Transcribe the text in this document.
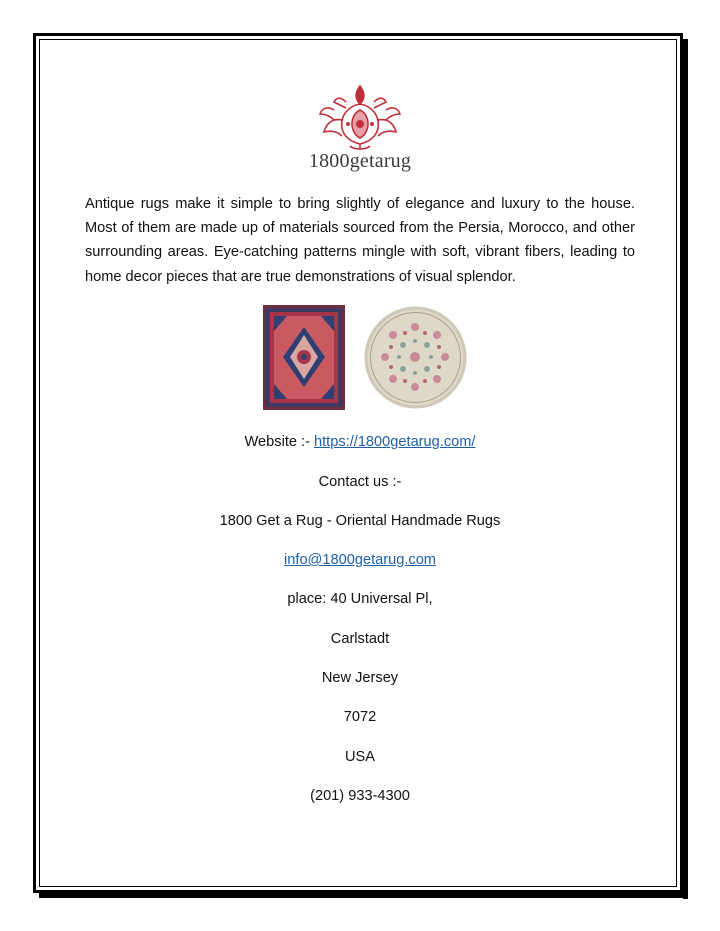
1800getarug
Antique rugs make it simple to bring slightly of elegance and luxury to the house. Most of them are made up of materials sourced from the Persia, Morocco, and other surrounding areas. Eye-catching patterns mingle with soft, vibrant fibers, leading to home decor pieces that are true demonstrations of visual splendor.
Website :- https://1800getarug.com/
Contact us :-
1800 Get a Rug - Oriental Handmade Rugs
info@1800getarug.com
place: 40 Universal Pl,
Carlstadt
New Jersey
7072
USA
(201) 933-4300
